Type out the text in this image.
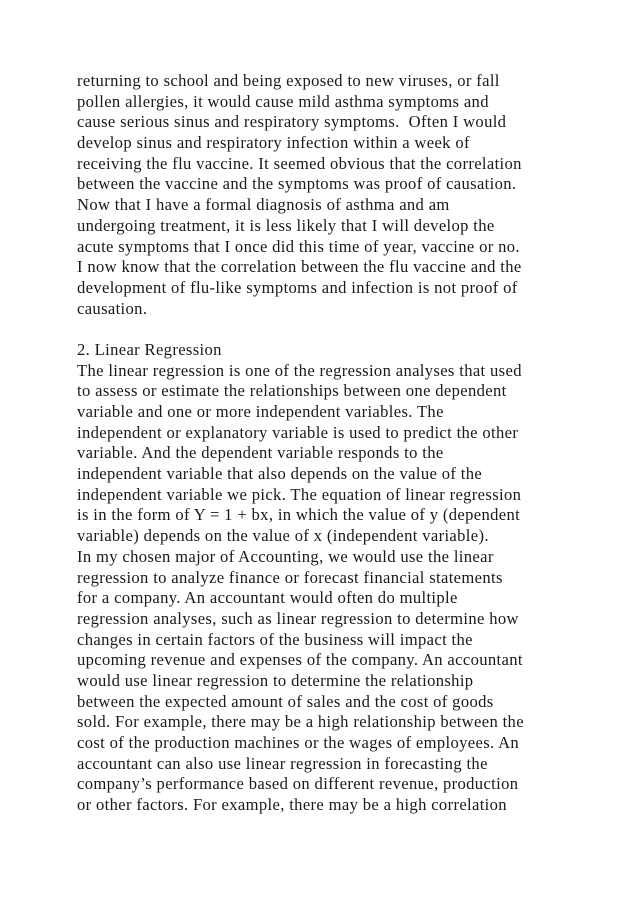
returning to school and being exposed to new viruses, or fall
pollen allergies, it would cause mild asthma symptoms and
cause serious sinus and respiratory symptoms.  Often I would
develop sinus and respiratory infection within a week of
receiving the flu vaccine. It seemed obvious that the correlation
between the vaccine and the symptoms was proof of causation.
Now that I have a formal diagnosis of asthma and am
undergoing treatment, it is less likely that I will develop the
acute symptoms that I once did this time of year, vaccine or no.
I now know that the correlation between the flu vaccine and the
development of flu-like symptoms and infection is not proof of
causation.
2. Linear Regression
The linear regression is one of the regression analyses that used
to assess or estimate the relationships between one dependent
variable and one or more independent variables. The
independent or explanatory variable is used to predict the other
variable. And the dependent variable responds to the
independent variable that also depends on the value of the
independent variable we pick. The equation of linear regression
is in the form of Y = 1 + bx, in which the value of y (dependent
variable) depends on the value of x (independent variable).
In my chosen major of Accounting, we would use the linear
regression to analyze finance or forecast financial statements
for a company. An accountant would often do multiple
regression analyses, such as linear regression to determine how
changes in certain factors of the business will impact the
upcoming revenue and expenses of the company. An accountant
would use linear regression to determine the relationship
between the expected amount of sales and the cost of goods
sold. For example, there may be a high relationship between the
cost of the production machines or the wages of employees. An
accountant can also use linear regression in forecasting the
company’s performance based on different revenue, production
or other factors. For example, there may be a high correlation
